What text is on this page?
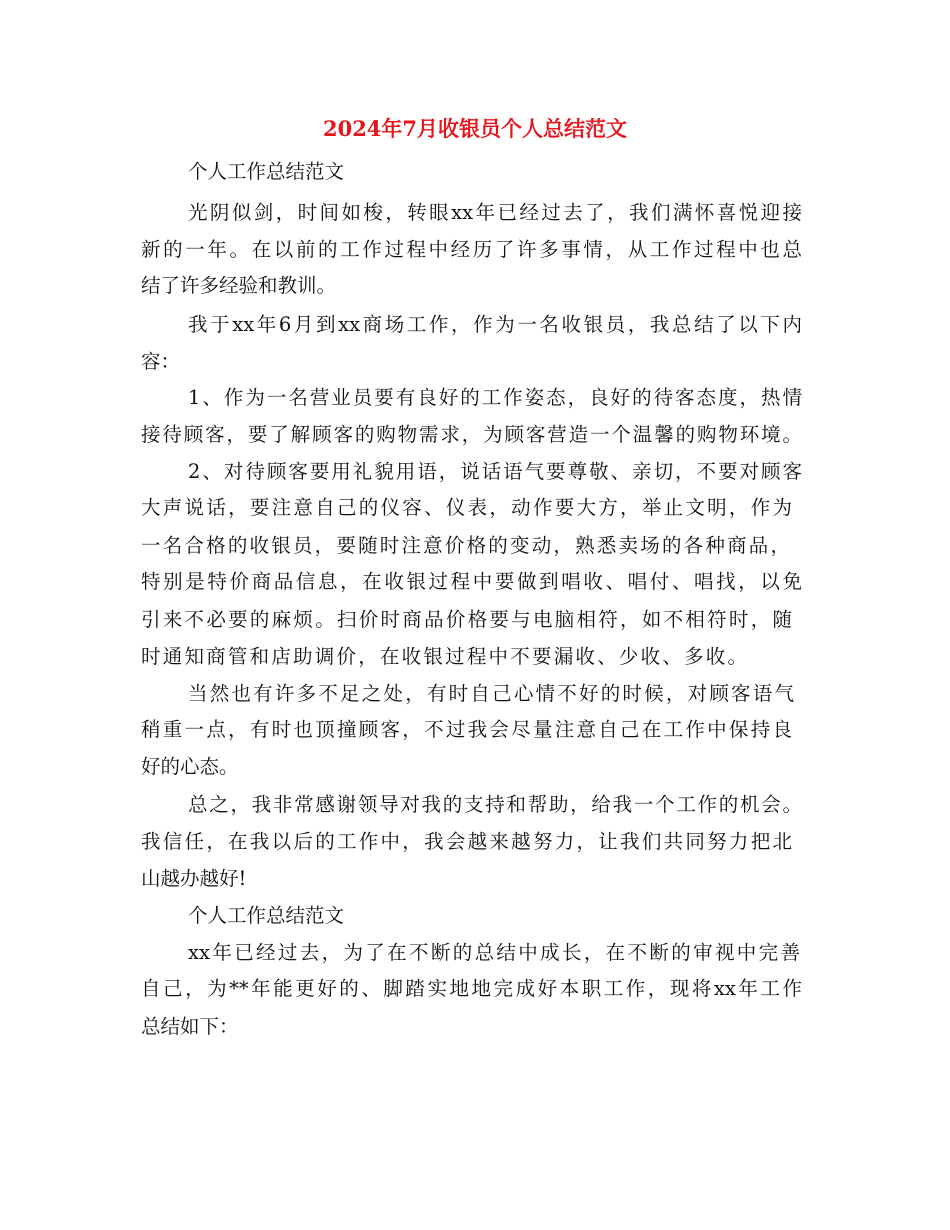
2024年7月收银员个人总结范文

个人工作总结范文

光阴似剑，时间如梭，转眼xx年已经过去了，我们满怀喜悦迎接

新的一年。在以前的工作过程中经历了许多事情，从工作过程中也总

结了许多经验和教训。

我于xx年6月到xx商场工作，作为一名收银员，我总结了以下内

容：

1、作为一名营业员要有良好的工作姿态，良好的待客态度，热情

接待顾客，要了解顾客的购物需求，为顾客营造一个温馨的购物环境。

2、对待顾客要用礼貌用语，说话语气要尊敬、亲切，不要对顾客

大声说话，要注意自己的仪容、仪表，动作要大方，举止文明，作为

一名合格的收银员，要随时注意价格的变动，熟悉卖场的各种商品，

特别是特价商品信息，在收银过程中要做到唱收、唱付、唱找，以免

引来不必要的麻烦。扫价时商品价格要与电脑相符，如不相符时，随

时通知商管和店助调价，在收银过程中不要漏收、少收、多收。

当然也有许多不足之处，有时自己心情不好的时候，对顾客语气

稍重一点，有时也顶撞顾客，不过我会尽量注意自己在工作中保持良

好的心态。

总之，我非常感谢领导对我的支持和帮助，给我一个工作的机会。

我信任，在我以后的工作中，我会越来越努力，让我们共同努力把北

山越办越好!

个人工作总结范文

xx年已经过去，为了在不断的总结中成长，在不断的审视中完善

自己，为**年能更好的、脚踏实地地完成好本职工作，现将xx年工作

总结如下：
